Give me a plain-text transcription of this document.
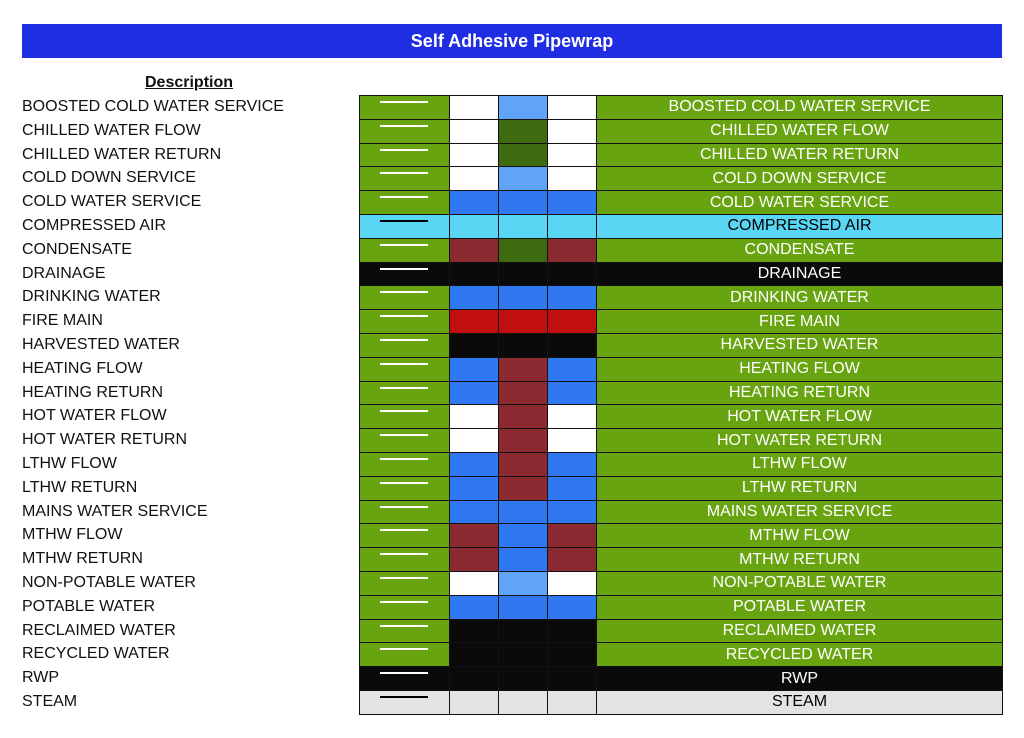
Self Adhesive Pipewrap
Description
BOOSTED COLD WATER SERVICE
CHILLED WATER FLOW
CHILLED WATER RETURN
COLD DOWN SERVICE
COLD WATER SERVICE
COMPRESSED AIR
CONDENSATE
DRAINAGE
DRINKING WATER
FIRE MAIN
HARVESTED WATER
HEATING FLOW
HEATING RETURN
HOT WATER FLOW
HOT WATER RETURN
LTHW FLOW
LTHW RETURN
MAINS WATER SERVICE
MTHW FLOW
MTHW RETURN
NON-POTABLE WATER
POTABLE WATER
RECLAIMED WATER
RECYCLED WATER
RWP
STEAM
BOOSTED COLD WATER SERVICE
CHILLED WATER FLOW
CHILLED WATER RETURN
COLD DOWN SERVICE
COLD WATER SERVICE
COMPRESSED AIR
CONDENSATE
DRAINAGE
DRINKING WATER
FIRE MAIN
HARVESTED WATER
HEATING FLOW
HEATING RETURN
HOT WATER FLOW
HOT WATER RETURN
LTHW FLOW
LTHW RETURN
MAINS WATER SERVICE
MTHW FLOW
MTHW RETURN
NON-POTABLE WATER
POTABLE WATER
RECLAIMED WATER
RECYCLED WATER
RWP
STEAM
